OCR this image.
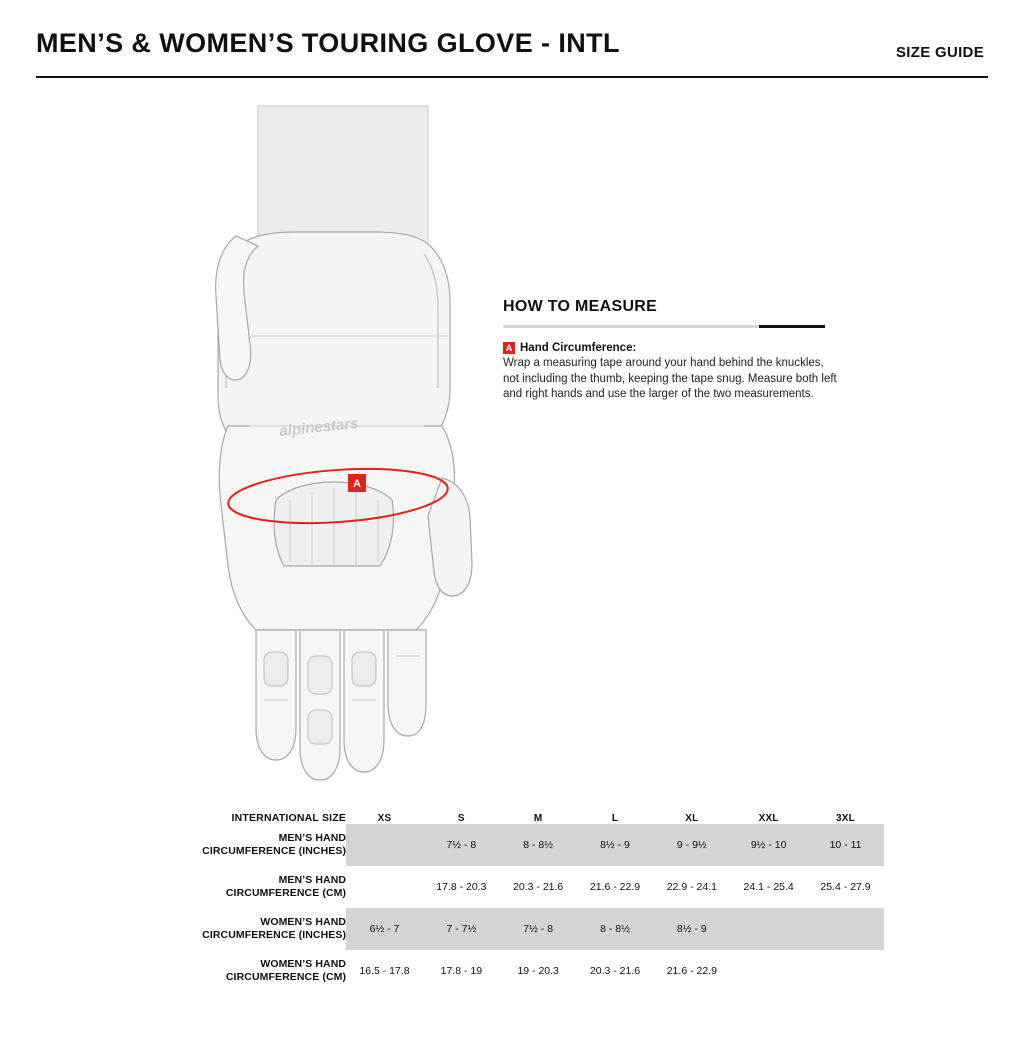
MEN’S & WOMEN’S TOURING GLOVE - INTL	SIZE GUIDE
alpinestars
A
HOW TO MEASURE
A Hand Circumference:
Wrap a measuring tape around your hand behind the knuckles, not including the thumb, keeping the tape snug. Measure both left and right hands and use the larger of the two measurements.
INTERNATIONAL SIZE	XS	S	M	L	XL	XXL	3XL
MEN’S HAND
CIRCUMFERENCE (INCHES)		7½ - 8	8 - 8½	8½ - 9	9 - 9½	9½ - 10	10 - 11
MEN’S HAND
CIRCUMFERENCE (CM)		17.8 - 20.3	20.3 - 21.6	21.6 - 22.9	22.9 - 24.1	24.1 - 25.4	25.4 - 27.9
WOMEN’S HAND
CIRCUMFERENCE (INCHES)	6½ - 7	7 - 7½	7½ - 8	8 - 8½	8½ - 9		
WOMEN’S HAND
CIRCUMFERENCE (CM)	16.5 - 17.8	17.8 - 19	19 - 20.3	20.3 - 21.6	21.6 - 22.9		
